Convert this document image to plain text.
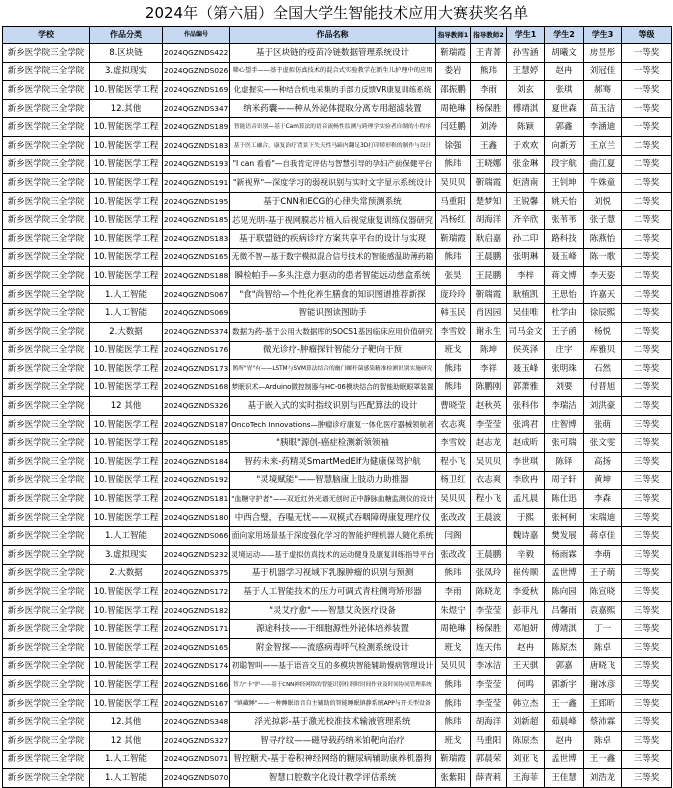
2024年（第六届）全国大学生智能技术应用大赛获奖名单
学校	作品分类	作品编号	作品名称	指导教师1	指导教师2	学生1	学生2	学生3	等级
新乡医学院三全学院	8.区块链	2024QGZNDS422	基于区块链的疫苗冷链数据管理系统设计	靳瑞霞	王青菁	孙雪涵	胡曦文	房昱彤	一等奖
新乡医学院三全学院	3.虚拟现实	2024QGZNDS026	筛心望手——基于虚拟仿真技术的混合式实验教学在新生儿护理中的应用	娄岩	熊玮	王慧婷	赵冉	刘冠佳	一等奖
新乡医学院三全学院	10.智能医学工程	2024QGZNDS169	化虚握实——种结合机电采集的手部力反馈VR康复训练系统	邵振鹏	李雨	刘玄	张琪	郝骞	一等奖
新乡医学院三全学院	12.其他	2024QGZNDS347	纳米药囊——种从外泌体提取分离专用超滤装置	周艳琳	杨保胜	傅靖淇	夏世森	苗玉洁	一等奖
新乡医学院三全学院	10.智能医学工程	2024QGZNDS189	智能语音识别—基于Cam算法的语音流畅性监测与跨理学实验者自制的小程序	闫廷鹏	刘涛	陈颖	郭鑫	李涵迪	一等奖
新乡医学院三全学院	10.智能医学工程	2024QGZNDS183	基于医工融合，康复治疗背景下失天性马蹄内翻足3D打印矫形鞋的制作与设计	徐强	王鑫	于欢欢	向新芳	王京兰	二等奖
新乡医学院三全学院	10.智能医学工程	2024QGZNDS193	"I can 看看"—自我肯定评估与智慧引导的孕妇产前保健平台	熊玮	王晓娜	张金琳	段宇航	曲江夏	二等奖
新乡医学院三全学院	10.智能医学工程	2024QGZNDS191	"新视界"—深度学习的弱视识别与实时文字显示系统设计	吴贝贝	靳瑞霞	炬清南	王钊坤	牛姝童	二等奖
新乡医学院三全学院	10.智能医学工程	2024QGZNDS195	基于CNN和ECG的心律失常预测系统	马重阳	楚梦知	王锐馨	姚天怡	刘悦	二等奖
新乡医学院三全学院	10.智能医学工程	2024QGZNDS185	芯见光明-基于视网膜芯片植入后视觉康复训练仪器研究	冯杨红	胡海洋	齐辛欣	张苇苇	张子慧	二等奖
新乡医学院三全学院	10.智能医学工程	2024QGZNDS183	基于联盟链的疾病诊疗方案共享平台的设计与实现	靳瑞霞	耿启嘉	孙二印	路科技	陈燕怡	二等奖
新乡医学院三全学院	10.智能医学工程	2024QGZNDS165	无微不智—基于数字模拟混合信号技术的智能感温助薄药箱	熊玮	王晨鹏	张明琳	聂玉峰	陈一歌	二等奖
新乡医学院三全学院	10.智能医学工程	2024QGZNDS188	瞬检帕手—多头注意力驱动的患者智能远动慈盒系统	张昊	王昆鹏	李梓	蒋文博	李天姿	二等奖
新乡医学院三全学院	1.人工智能	2024QGZNDS067	"食"尚智给—个性化养生膳食的知识图谱推荐新探	庞玲玲	靳瑞霞	耿植凯	王思怡	许嘉天	二等奖
新乡医学院三全学院	1.人工智能	2024QGZNDS069	智能识图读图助手	韩玉民	肖因园	吴佳唯	杜学由	徐辰熙	二等奖
新乡医学院三全学院	2.大数据	2024QGZNDS374	数据为药-基于公用大数据库的SOCS1基因临床应用价值研究	李雪姣	谢永生	司马金文	王子函	杨悦	二等奖
新乡医学院三全学院	10.智能医学工程	2024QGZNDS176	微光诊疗-肿瘤探针智能分子靶向干预	班戈	陈坤	侯英泽	庄宇	库雅贝	二等奖
新乡医学院三全学院	10.智能医学工程	2024QGZNDS173	鹊所"胃"有——LSTM与SVM算法结合的幽门螺杆菌感染精准检测识别实施研究	熊玮	李祥	聂玉峰	张明珠	石然	二等奖
新乡医学院三全学院	10.智能医学工程	2024QGZNDS168	梦眠识术—Arduino微控制器与HC-06模块结合的智能助眠眼罩装置	熊玮	陈鹏刚	郭萧雅	刘要	付晋旭	二等奖
新乡医学院三全学院	12 其他	2024QGZNDS326	基于嵌入式的实时指纹识别与匹配算法的设计	曹晓莹	赵秋英	张科伟	李瑞洁	刘洪豪	二等奖
新乡医学院三全学院	10.智能医学工程	2024QGZNDS187	OncoTech Innovations—肿瘤诊疗康复一体化医疗器械领航者	衣志爽	李莹莹	张鸿君	庄智博	张萌	三等奖
新乡医学院三全学院	10.智能医学工程	2024QGZNDS185	"胰眼"源创-癌症检测新领领袖	李雪姣	赵志龙	赵成昕	张可瑞	张文雯	三等奖
新乡医学院三全学院	10.智能医学工程	2024QGZNDS184	智药未来-药精灵SmartMedElf为健康保驾护航	程小飞	吴贝贝	李世琪	陈铎	高扬	三等奖
新乡医学院三全学院	10.智能医学工程	2024QGZNDS192	"灵境赋能"——智慧脑康上肢动力助推器	杨卫红	衣志爽	李欣冉	周子轩	黄坤	三等奖
新乡医学院三全学院	10.智能医学工程	2024QGZNDS181	"血糖守护者"——双近红外光谱无创时正中静脉血糖监测仪的设计	吴贝贝	程小飞	孟凡晨	陈仕迅	李森	三等奖
新乡医学院三全学院	10.智能医学工程	2024QGZNDS180	中西合璧，吞嗢无忧——双模式吞咽障碍康复理疗仪	张改改	王晨波	于熙	张柯柯	宋瑞迪	三等奖
新乡医学院三全学院	1.人工智能	2024QGZNDS066	面向家用场景基于深度强化学习的智能护理机器人随化系统	闫阁		魏诗嘉	樊发展	蒋卓佳	三等奖
新乡医学院三全学院	3.虚拟现实	2024QGZNDS232	灵境运动——基于虚拟仿真技术的运动健身及康复训练指导平台	张改改	王晨鹏	辛毅	杨雨霖	李萌	三等奖
新乡医学院三全学院	2.大数据	2024QGZNDS375	基于机器学习视域下乳腺肿瘤的识别与预测	熊玮	张凤玲	崔传顺	孟世博	王子萌	三等奖
新乡医学院三全学院	10.智能医学工程	2024QGZNDS172	基于人工智能技术的压力可调式青柱侧弯矫形器	李雨	陈晓龙	李爱秋	陈向园	陈宣晓	三等奖
新乡医学院三全学院	10.智能医学工程	2024QGZNDS182	"灵艾疗愈"——智慧艾灸医疗设备	朱煜宁	李莹莹	彭菲凡	吕馨雨	袁嘉熙	三等奖
新乡医学院三全学院	10.智能医学工程	2024QGZNDS171	源途科技——干细胞源性外泌体培养装置	周艳琳	杨保胜	邓旭妍	傅靖淇	丁一	三等奖
新乡医学院三全学院	10.智能医学工程	2024QGZNDS165	附金智探——流感病毒呼气检测系统设计	班戈	连天伟	赵冉	陈原杰	陈卓	三等奖
新乡医学院三全学院	10.智能医学工程	2024QGZNDS174	初聪智叫——基于语音交互的多模块智能辅助慢病管理设计	吴贝贝	李冰洁	王天骐	郭嘉	唐晓飞	三等奖
新乡医学院三全学院	10.智能医学工程	2024QGZNDS166	智力"卡"护——基于CNN神经网络的智能识别柱剂时时间作业及时间协同管理系统	熊玮	李莹莹	何鸣	郭新宇	谢冰彦	三等奖
新乡医学院三全学院	10.智能医学工程	2024QGZNDS167	"镇藏睡"——一种睡眠语音自主辅助的智能睡眠镇静系统APP与开关型设备	熊玮	李莹莹	韩立杰	王一鑫	王郅昕	三等奖
新乡医学院三全学院	12.其他	2024QGZNDS348	浮光掠影-基于激光校准技术输液管理系统	熊玮	胡海洋	刘新超	茹晨峰	蔡沛霖	三等奖
新乡医学院三全学院	12 其他	2024QGZNDS327	智寻疗纹——磁导载药纳米铂靶向治疗	班戈	马重阳	陈原杰	赵冉	陈卓	三等奖
新乡医学院三全学院	1.人工智能	2024QGZNDS071	智控糖犬-基于卷积神经网络的糖尿病辅助康养机器狗	靳瑞霞	郭晨荣	刘亚飞	孟世博	王一鑫	三等奖
新乡医学院三全学院	1.人工智能	2024QGZNDS070	智慧口腔数字化设计教学评估系统	张紫阳	薛青莉	王海菲	王佳慧	刘浩龙	三等奖
